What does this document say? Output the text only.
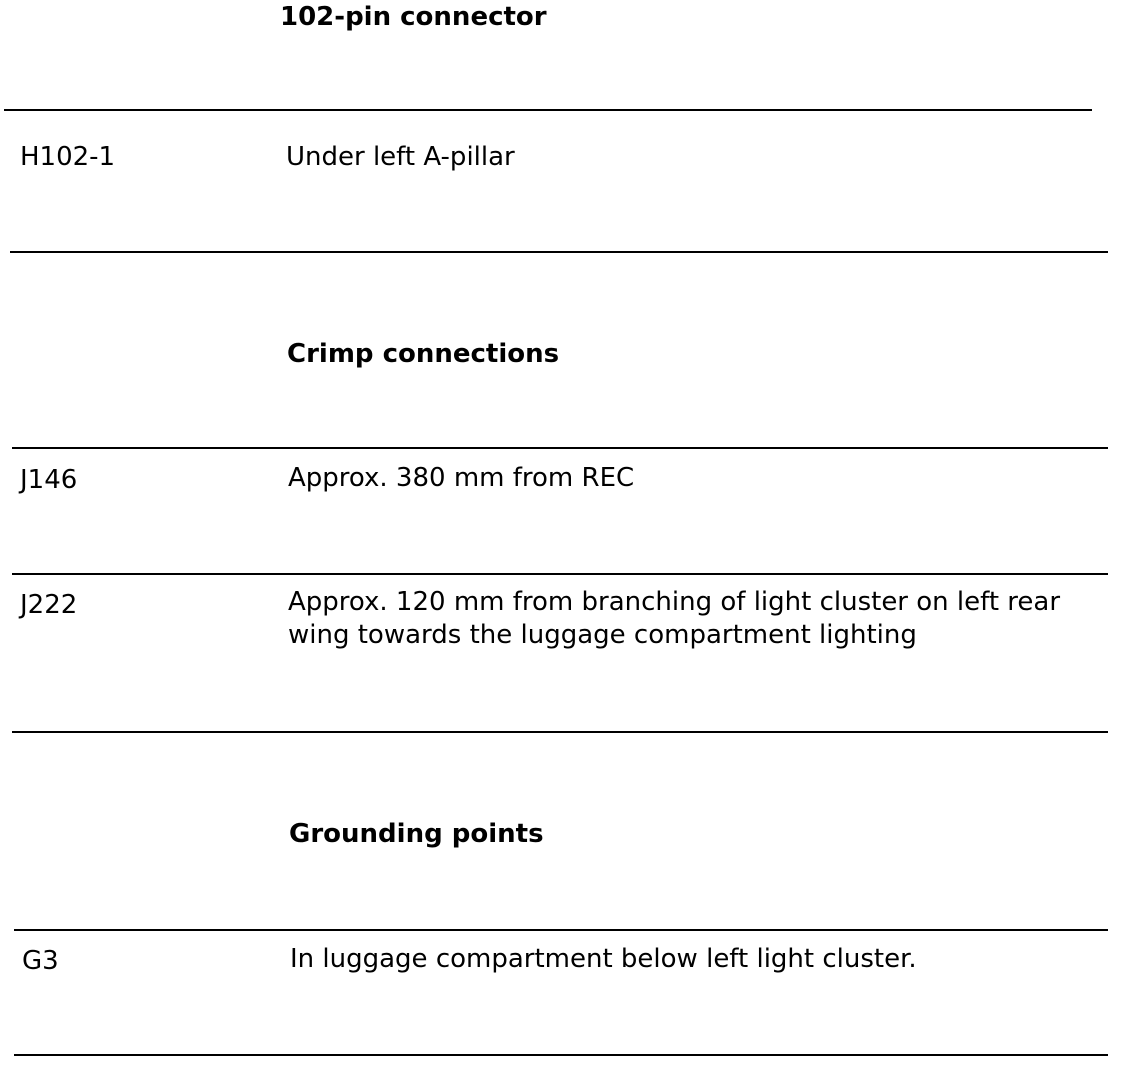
102-pin connector
H102-1	Under left A-pillar
Crimp connections
J146	Approx. 380 mm from REC
J222	Approx. 120 mm from branching of light cluster on left rear wing towards the luggage compartment lighting
Grounding points
G3	In luggage compartment below left light cluster.
